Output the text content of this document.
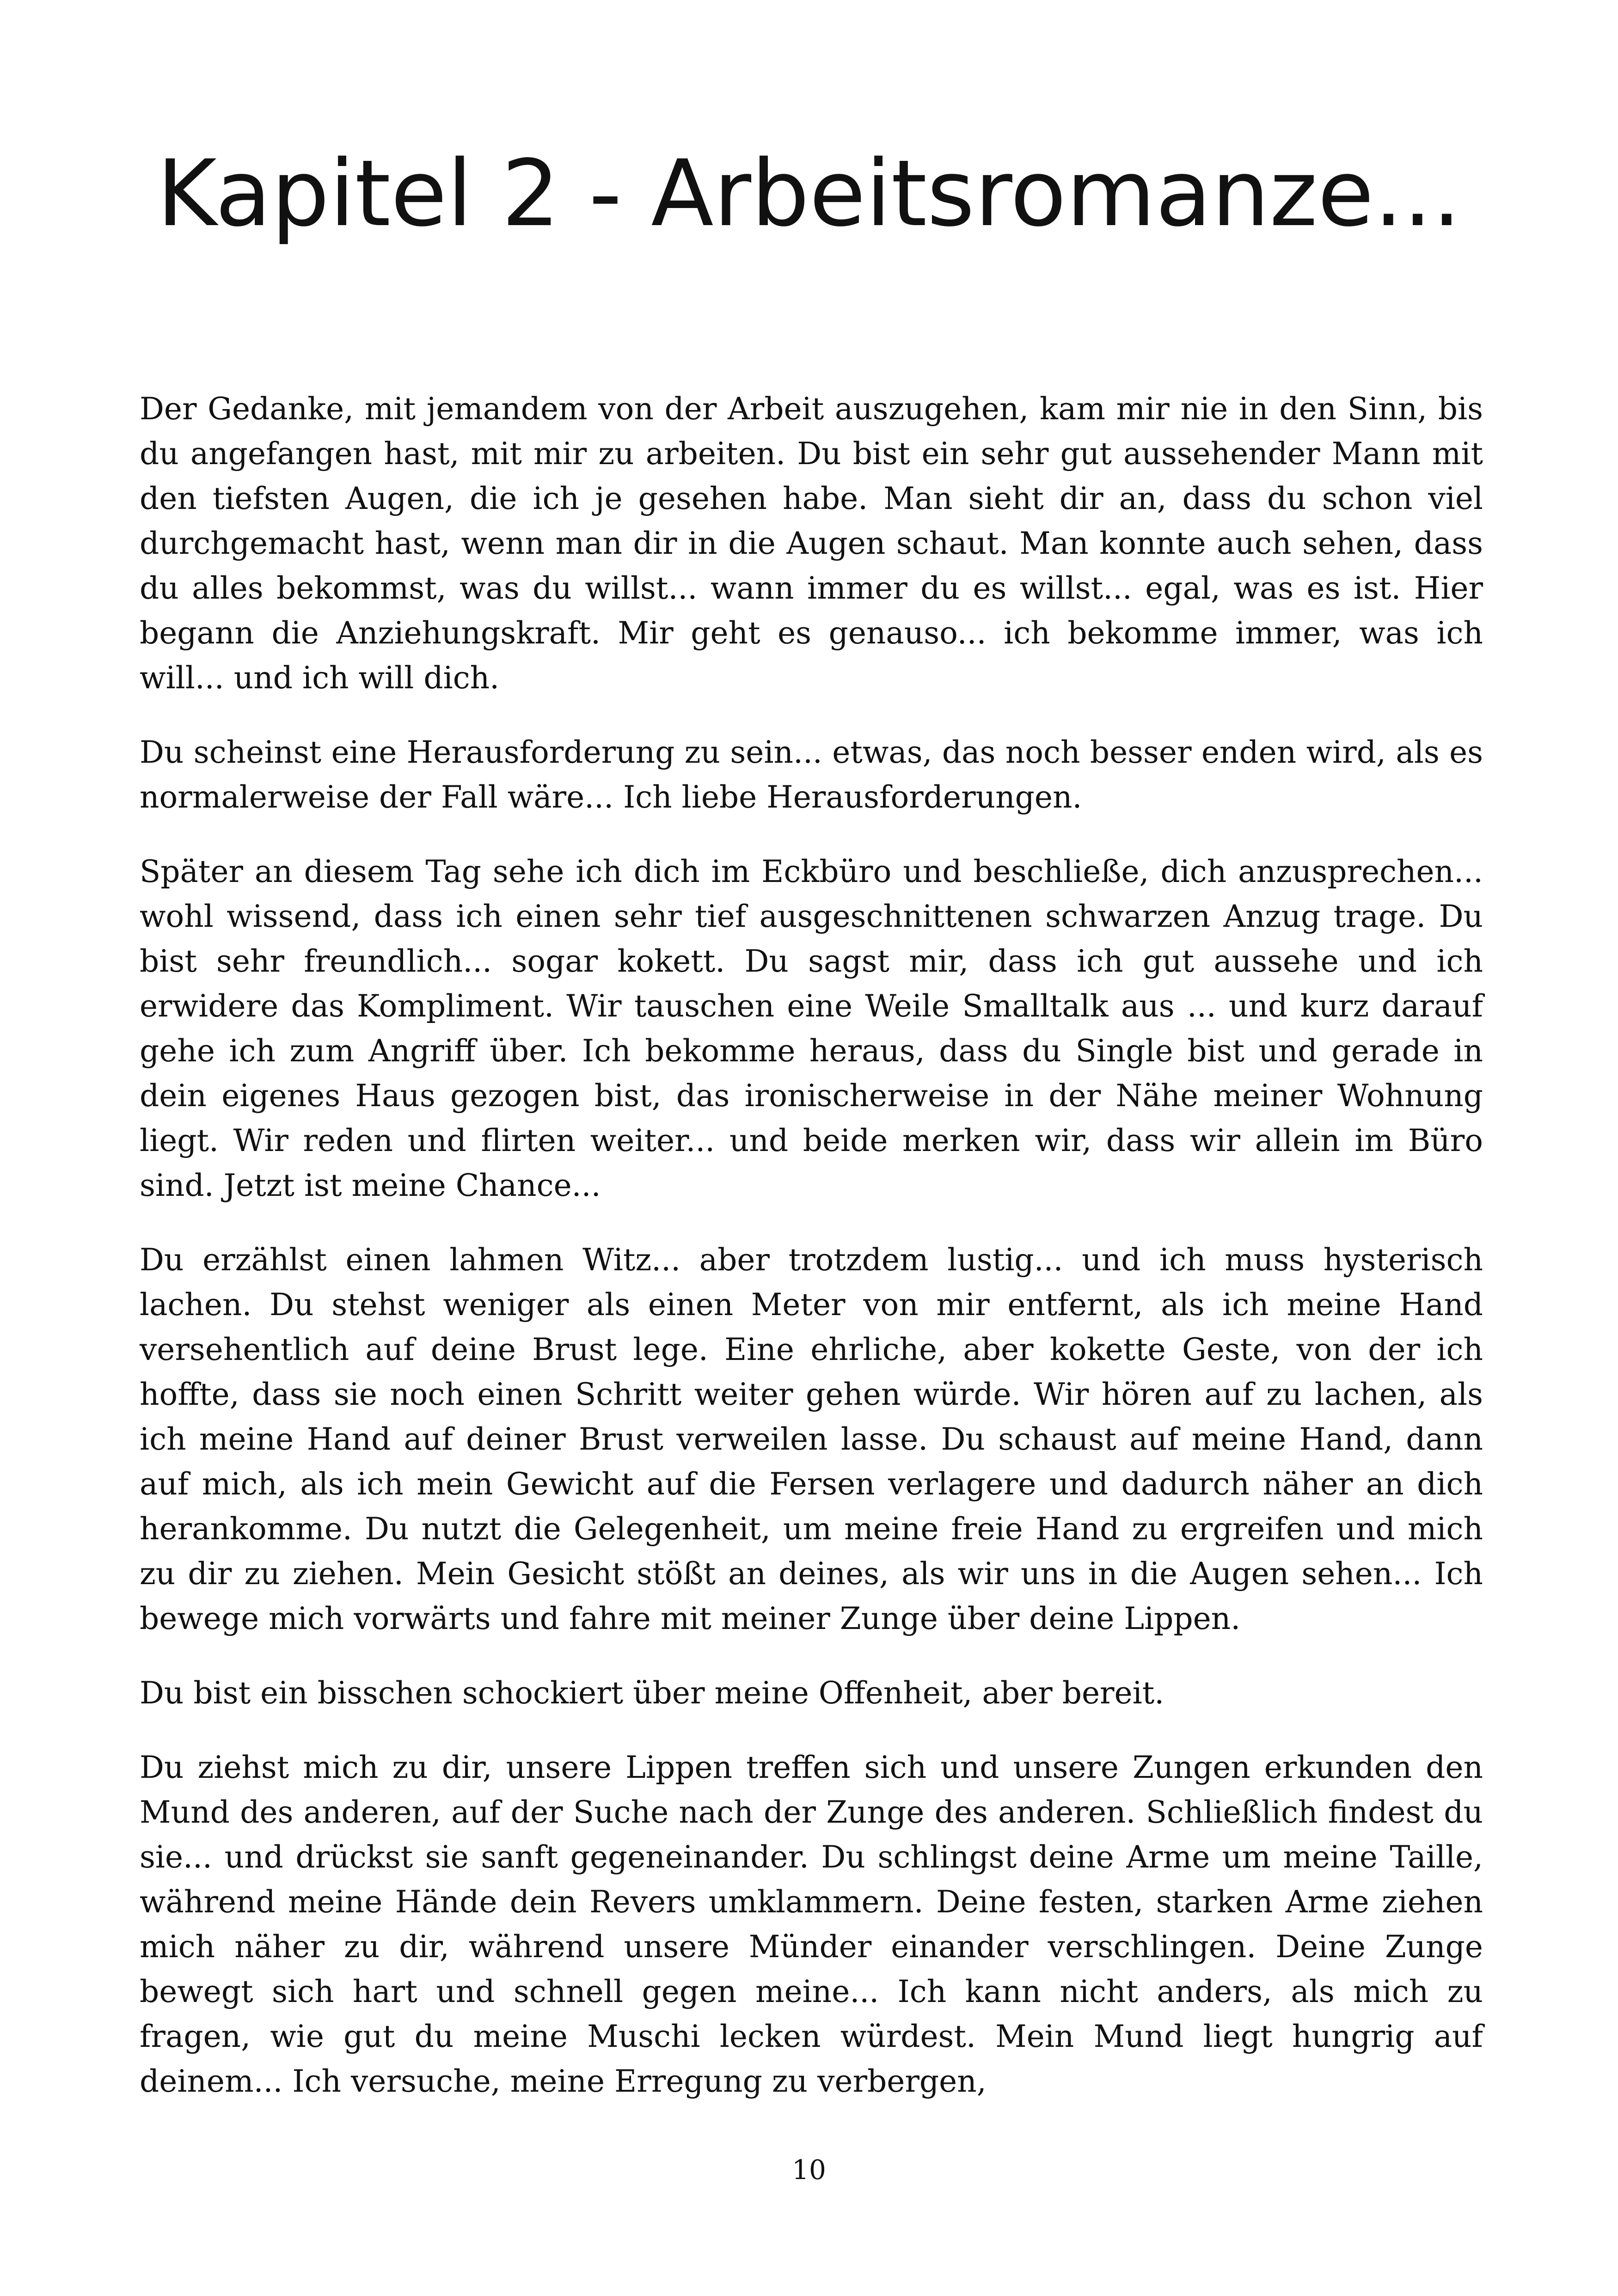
Kapitel 2 - Arbeitsromanze...

Der Gedanke, mit jemandem von der Arbeit auszugehen, kam mir nie in den Sinn, bis du angefangen hast, mit mir zu arbeiten. Du bist ein sehr gut aussehender Mann mit den tiefsten Augen, die ich je gesehen habe. Man sieht dir an, dass du schon viel durchgemacht hast, wenn man dir in die Augen schaut. Man konnte auch sehen, dass du alles bekommst, was du willst... wann immer du es willst... egal, was es ist. Hier begann die Anziehungskraft. Mir geht es genauso... ich bekomme immer, was ich will... und ich will dich.

Du scheinst eine Herausforderung zu sein... etwas, das noch besser enden wird, als es normalerweise der Fall wäre... Ich liebe Herausforderungen.

Später an diesem Tag sehe ich dich im Eckbüro und beschließe, dich anzusprechen... wohl wissend, dass ich einen sehr tief ausgeschnittenen schwarzen Anzug trage. Du bist sehr freundlich... sogar kokett. Du sagst mir, dass ich gut aussehe und ich erwidere das Kompliment. Wir tauschen eine Weile Smalltalk aus ... und kurz darauf gehe ich zum Angriff über. Ich bekomme heraus, dass du Single bist und gerade in dein eigenes Haus gezogen bist, das ironischerweise in der Nähe meiner Wohnung liegt. Wir reden und flirten weiter... und beide merken wir, dass wir allein im Büro sind. Jetzt ist meine Chance...

Du erzählst einen lahmen Witz... aber trotzdem lustig... und ich muss hysterisch lachen. Du stehst weniger als einen Meter von mir entfernt, als ich meine Hand versehentlich auf deine Brust lege. Eine ehrliche, aber kokette Geste, von der ich hoffte, dass sie noch einen Schritt weiter gehen würde. Wir hören auf zu lachen, als ich meine Hand auf deiner Brust verweilen lasse. Du schaust auf meine Hand, dann auf mich, als ich mein Gewicht auf die Fersen verlagere und dadurch näher an dich herankomme. Du nutzt die Gelegenheit, um meine freie Hand zu ergreifen und mich zu dir zu ziehen. Mein Gesicht stößt an deines, als wir uns in die Augen sehen... Ich bewege mich vorwärts und fahre mit meiner Zunge über deine Lippen.

Du bist ein bisschen schockiert über meine Offenheit, aber bereit.

Du ziehst mich zu dir, unsere Lippen treffen sich und unsere Zungen erkunden den Mund des anderen, auf der Suche nach der Zunge des anderen. Schließlich findest du sie... und drückst sie sanft gegeneinander. Du schlingst deine Arme um meine Taille, während meine Hände dein Revers umklammern. Deine festen, starken Arme ziehen mich näher zu dir, während unsere Münder einander verschlingen. Deine Zunge bewegt sich hart und schnell gegen meine... Ich kann nicht anders, als mich zu fragen, wie gut du meine Muschi lecken würdest. Mein Mund liegt hungrig auf deinem... Ich versuche, meine Erregung zu verbergen,

10
